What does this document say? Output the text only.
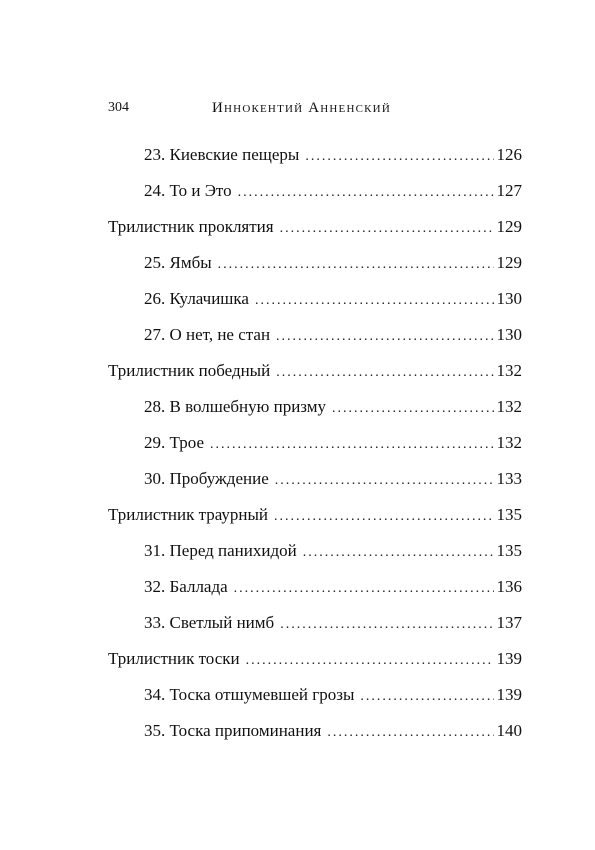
304	Иннокентий Анненский
23. Киевские пещеры .....	126
24. То и Это .....	127
Трилистник проклятия .....	129
25. Ямбы .....	129
26. Кулачишка .....	130
27. О нет, не стан .....	130
Трилистник победный .....	132
28. В волшебную призму .....	132
29. Трое .....	132
30. Пробуждение .....	133
Трилистник траурный .....	135
31. Перед панихидой .....	135
32. Баллада .....	136
33. Светлый нимб .....	137
Трилистник тоски .....	139
34. Тоска отшумевшей грозы .....	139
35. Тоска припоминания .....	140
